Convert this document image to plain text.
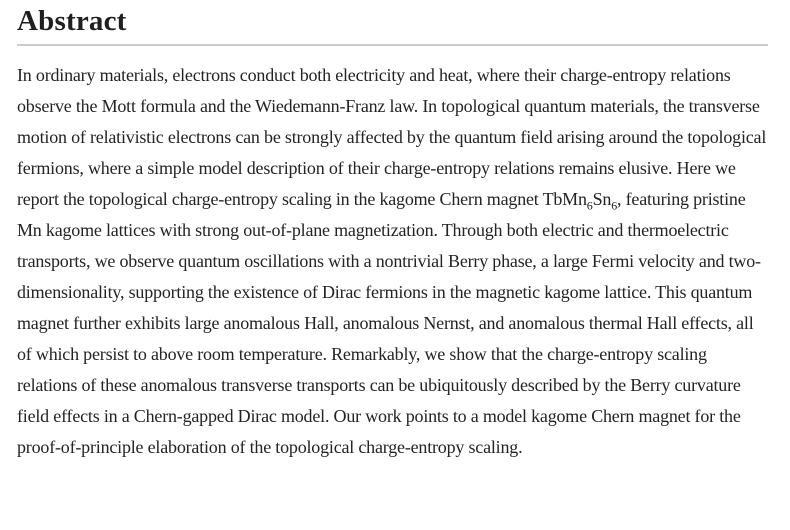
Abstract

In ordinary materials, electrons conduct both electricity and heat, where their charge-entropy relations observe the Mott formula and the Wiedemann-Franz law. In topological quantum materials, the transverse motion of relativistic electrons can be strongly affected by the quantum field arising around the topological fermions, where a simple model description of their charge-entropy relations remains elusive. Here we report the topological charge-entropy scaling in the kagome Chern magnet $TbMn_6Sn_6$, featuring pristine Mn kagome lattices with strong out-of-plane magnetization. Through both electric and thermoelectric transports, we observe quantum oscillations with a nontrivial Berry phase, a large Fermi velocity and two-dimensionality, supporting the existence of Dirac fermions in the magnetic kagome lattice. This quantum magnet further exhibits large anomalous Hall, anomalous Nernst, and anomalous thermal Hall effects, all of which persist to above room temperature. Remarkably, we show that the charge-entropy scaling relations of these anomalous transverse transports can be ubiquitously described by the Berry curvature field effects in a Chern-gapped Dirac model. Our work points to a model kagome Chern magnet for the proof-of-principle elaboration of the topological charge-entropy scaling.
